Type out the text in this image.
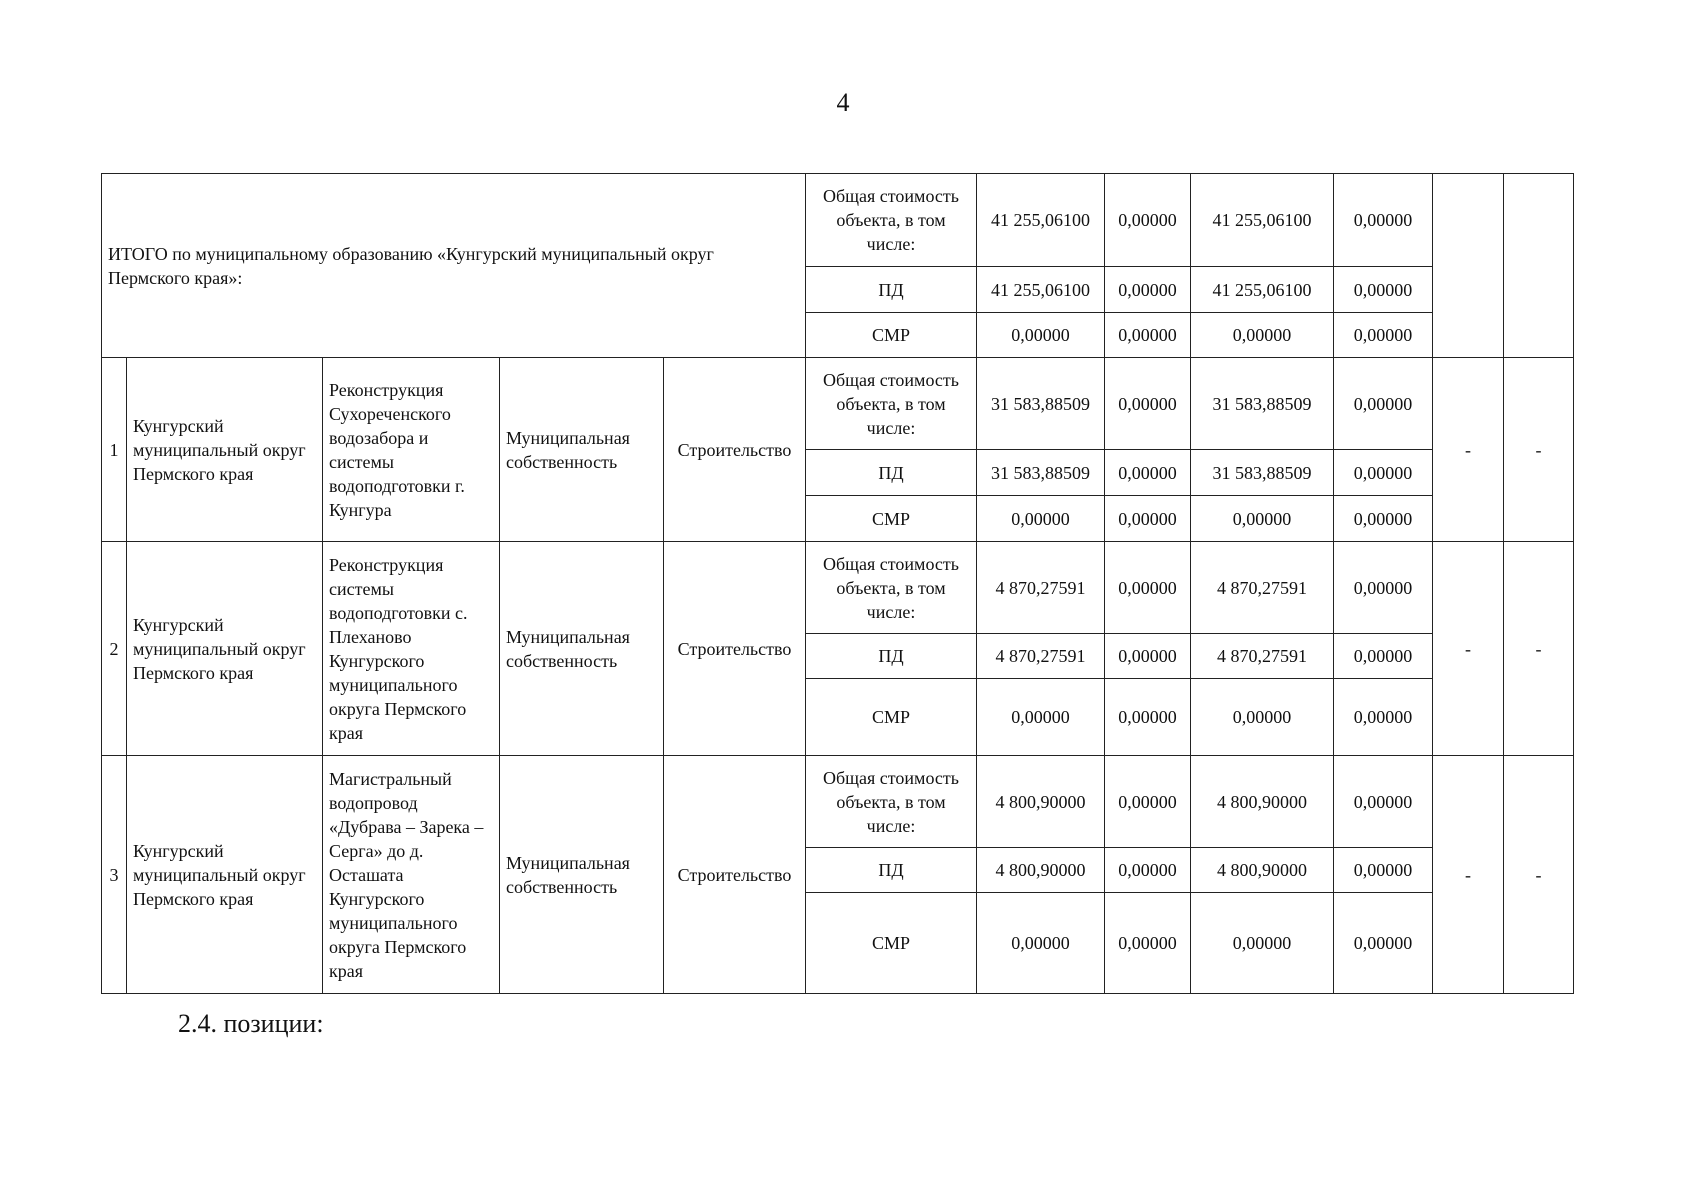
4
ИТОГО по муниципальному образованию «Кунгурский муниципальный округ Пермского края»:					Общая стоимость объекта, в том числе:	41 255,06100	0,00000	41 255,06100	0,00000		
					ПД	41 255,06100	0,00000	41 255,06100	0,00000		
					СМР	0,00000	0,00000	0,00000	0,00000		
1	Кунгурский муниципальный округ Пермского края	Реконструкция Сухореченского водозабора и системы водоподготовки г. Кунгура	Муниципальная собственность	Строительство	Общая стоимость объекта, в том числе:	31 583,88509	0,00000	31 583,88509	0,00000	-	-
					ПД	31 583,88509	0,00000	31 583,88509	0,00000		
					СМР	0,00000	0,00000	0,00000	0,00000		
2	Кунгурский муниципальный округ Пермского края	Реконструкция системы водоподготовки с. Плеханово Кунгурского муниципального округа Пермского края	Муниципальная собственность	Строительство	Общая стоимость объекта, в том числе:	4 870,27591	0,00000	4 870,27591	0,00000	-	-
					ПД	4 870,27591	0,00000	4 870,27591	0,00000		
					СМР	0,00000	0,00000	0,00000	0,00000		
3	Кунгурский муниципальный округ Пермского края	Магистральный водопровод «Дубрава – Зарека – Серга» до д. Осташата Кунгурского муниципального округа Пермского края	Муниципальная собственность	Строительство	Общая стоимость объекта, в том числе:	4 800,90000	0,00000	4 800,90000	0,00000	-	-
					ПД	4 800,90000	0,00000	4 800,90000	0,00000		
					СМР	0,00000	0,00000	0,00000	0,00000		
2.4. позиции:
